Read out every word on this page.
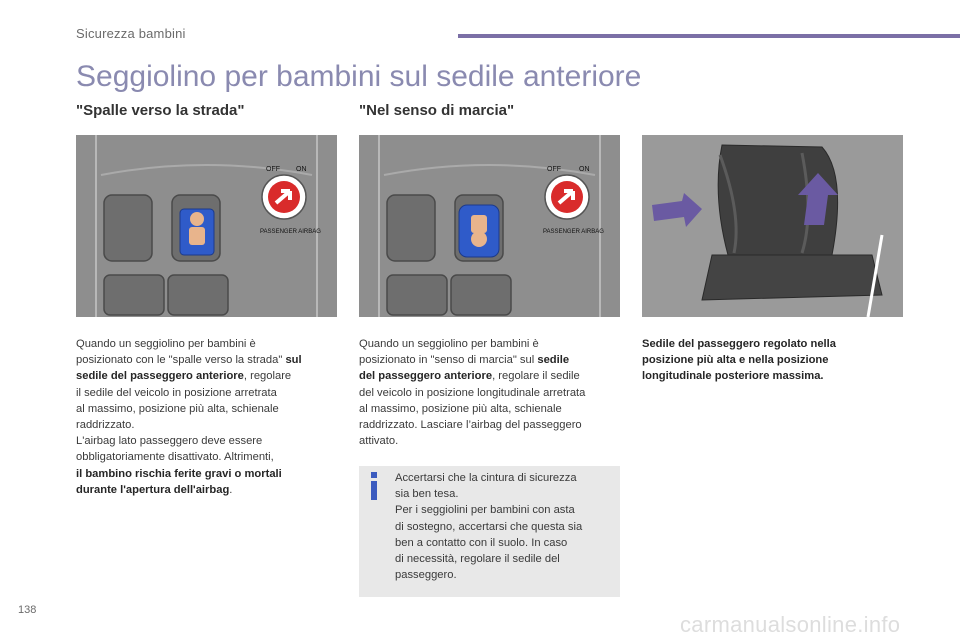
Sicurezza bambini
Seggiolino per bambini sul sedile anteriore
"Spalle verso la strada"	"Nel senso di marcia"
OFF ON
PASSENGER AIRBAG
OFF	ON
PASSENGER AIRBAG
Quando un seggiolino per bambini è
posizionato con le "spalle verso la strada" sul
sedile del passeggero anteriore, regolare
il sedile del veicolo in posizione arretrata
al massimo, posizione più alta, schienale
raddrizzato.
L'airbag lato passeggero deve essere
obbligatoriamente disattivato. Altrimenti,
il bambino rischia ferite gravi o mortali
durante l'apertura dell'airbag.
Quando un seggiolino per bambini è
posizionato in "senso di marcia" sul sedile
del passeggero anteriore, regolare il sedile
del veicolo in posizione longitudinale arretrata
al massimo, posizione più alta, schienale
raddrizzato. Lasciare l’airbag del passeggero
attivato.
Accertarsi che la cintura di sicurezza
sia ben tesa.
Per i seggiolini per bambini con asta
di sostegno, accertarsi che questa sia
ben a contatto con il suolo. In caso
di necessità, regolare il sedile del
passeggero.
Sedile del passeggero regolato nella
posizione più alta e nella posizione
longitudinale posteriore massima.
138
carmanualsonline.info
